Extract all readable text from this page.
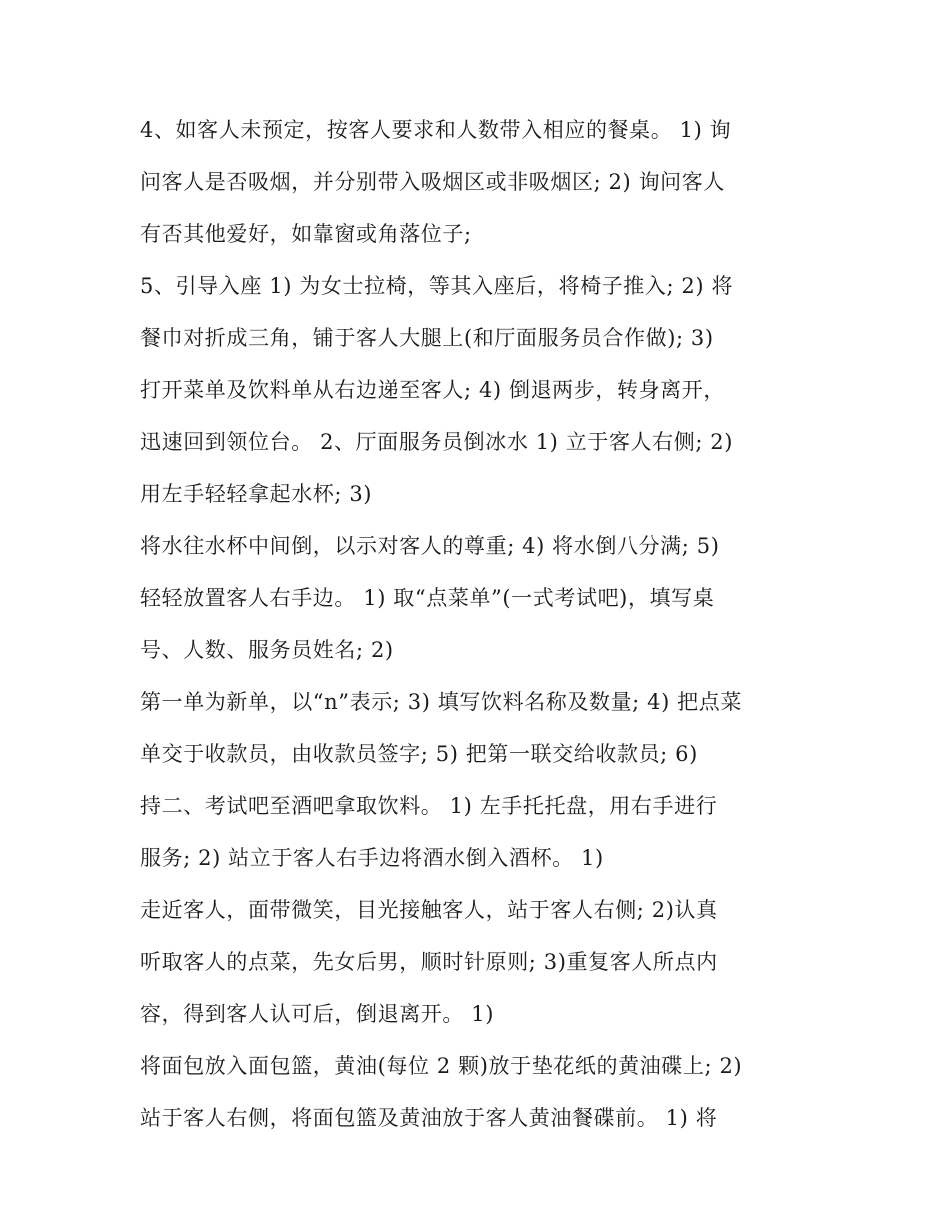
4、如客人未预定，按客人要求和人数带入相应的餐桌。 1) 询
问客人是否吸烟，并分别带入吸烟区或非吸烟区; 2) 询问客人
有否其他爱好，如靠窗或角落位子;
5、引导入座 1) 为女士拉椅，等其入座后，将椅子推入; 2) 将
餐巾对折成三角，铺于客人大腿上(和厅面服务员合作做); 3)
打开菜单及饮料单从右边递至客人; 4) 倒退两步，转身离开，
迅速回到领位台。 2、厅面服务员倒冰水 1) 立于客人右侧; 2)
用左手轻轻拿起水杯; 3)
将水往水杯中间倒，以示对客人的尊重; 4) 将水倒八分满; 5)
轻轻放置客人右手边。 1) 取“点菜单”(一式考试吧)，填写桌
号、人数、服务员姓名; 2)
第一单为新单，以“n”表示; 3) 填写饮料名称及数量; 4) 把点菜
单交于收款员，由收款员签字; 5) 把第一联交给收款员; 6)
持二、考试吧至酒吧拿取饮料。 1) 左手托托盘，用右手进行
服务; 2) 站立于客人右手边将酒水倒入酒杯。 1)
走近客人，面带微笑，目光接触客人，站于客人右侧; 2)认真
听取客人的点菜，先女后男，顺时针原则; 3)重复客人所点内
容，得到客人认可后，倒退离开。 1)
将面包放入面包篮，黄油(每位 2 颗)放于垫花纸的黄油碟上; 2)
站于客人右侧，将面包篮及黄油放于客人黄油餐碟前。 1) 将
